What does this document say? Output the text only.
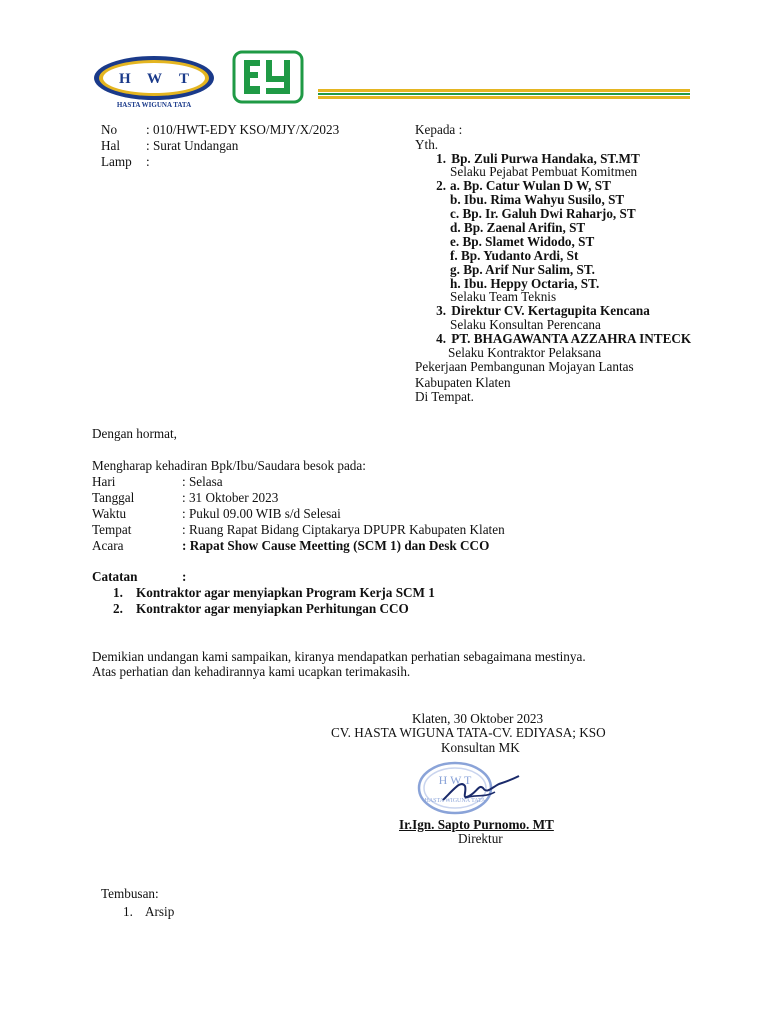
H W T
HASTA WIGUNA TATA
No : 010/HWT-EDY KSO/MJY/X/2023
Hal : Surat Undangan
Lamp :
Kepada :
Yth.
1. Bp. Zuli Purwa Handaka, ST.MT
Selaku Pejabat Pembuat Komitmen
2. a. Bp. Catur Wulan D W, ST
b. Ibu. Rima Wahyu Susilo, ST
c. Bp. Ir. Galuh Dwi Raharjo, ST
d. Bp. Zaenal Arifin, ST
e. Bp. Slamet Widodo, ST
f. Bp. Yudanto Ardi, St
g. Bp. Arif Nur Salim, ST.
h. Ibu. Heppy Octaria, ST.
Selaku Team Teknis
3. Direktur CV. Kertagupita Kencana
Selaku Konsultan Perencana
4. PT. BHAGAWANTA AZZAHRA INTECK
Selaku Kontraktor Pelaksana
Pekerjaan Pembangunan Mojayan Lantas
Kabupaten Klaten
Di Tempat.
Dengan hormat,
Mengharap kehadiran Bpk/Ibu/Saudara besok pada:
Hari	: Selasa
Tanggal	: 31 Oktober 2023
Waktu	: Pukul 09.00 WIB s/d Selesai
Tempat	: Ruang Rapat Bidang Ciptakarya DPUPR Kabupaten Klaten
Acara	: Rapat Show Cause Meetting (SCM 1) dan Desk CCO
Catatan	:
1. Kontraktor agar menyiapkan Program Kerja SCM 1
2. Kontraktor agar menyiapkan Perhitungan CCO
Demikian undangan kami sampaikan, kiranya mendapatkan perhatian sebagaimana mestinya.
Atas perhatian dan kehadirannya kami ucapkan terimakasih.
Klaten, 30 Oktober 2023
CV. HASTA WIGUNA TATA-CV. EDIYASA; KSO
Konsultan MK
H W T
HASTA WIGUNA TATA
Ir.Ign. Sapto Purnomo. MT
Direktur
Tembusan:
1. Arsip
